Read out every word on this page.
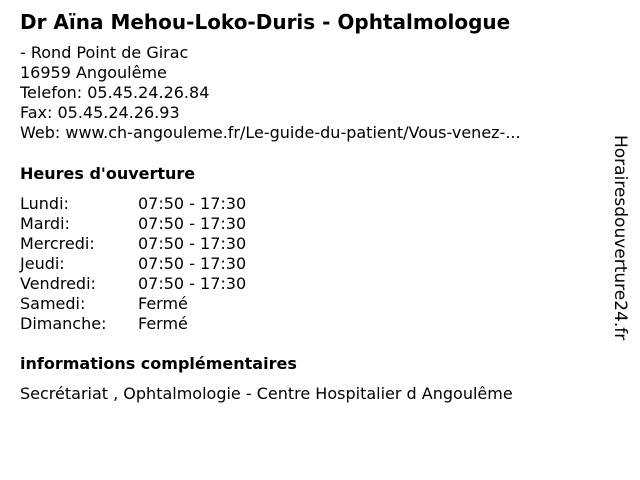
Dr Aïna Mehou-Loko-Duris - Ophtalmologue
- Rond Point de Girac
16959 Angoulême
Telefon: 05.45.24.26.84
Fax: 05.45.24.26.93
Web: www.ch-angouleme.fr/Le-guide-du-patient/Vous-venez-...
Heures d'ouverture
Lundi:	07:50 - 17:30
Mardi:	07:50 - 17:30
Mercredi:	07:50 - 17:30
Jeudi:	07:50 - 17:30
Vendredi:	07:50 - 17:30
Samedi:	Fermé
Dimanche: Fermé
informations complémentaires
Secrétariat , Ophtalmologie - Centre Hospitalier d Angoulême
Horairesdouverture24.fr
